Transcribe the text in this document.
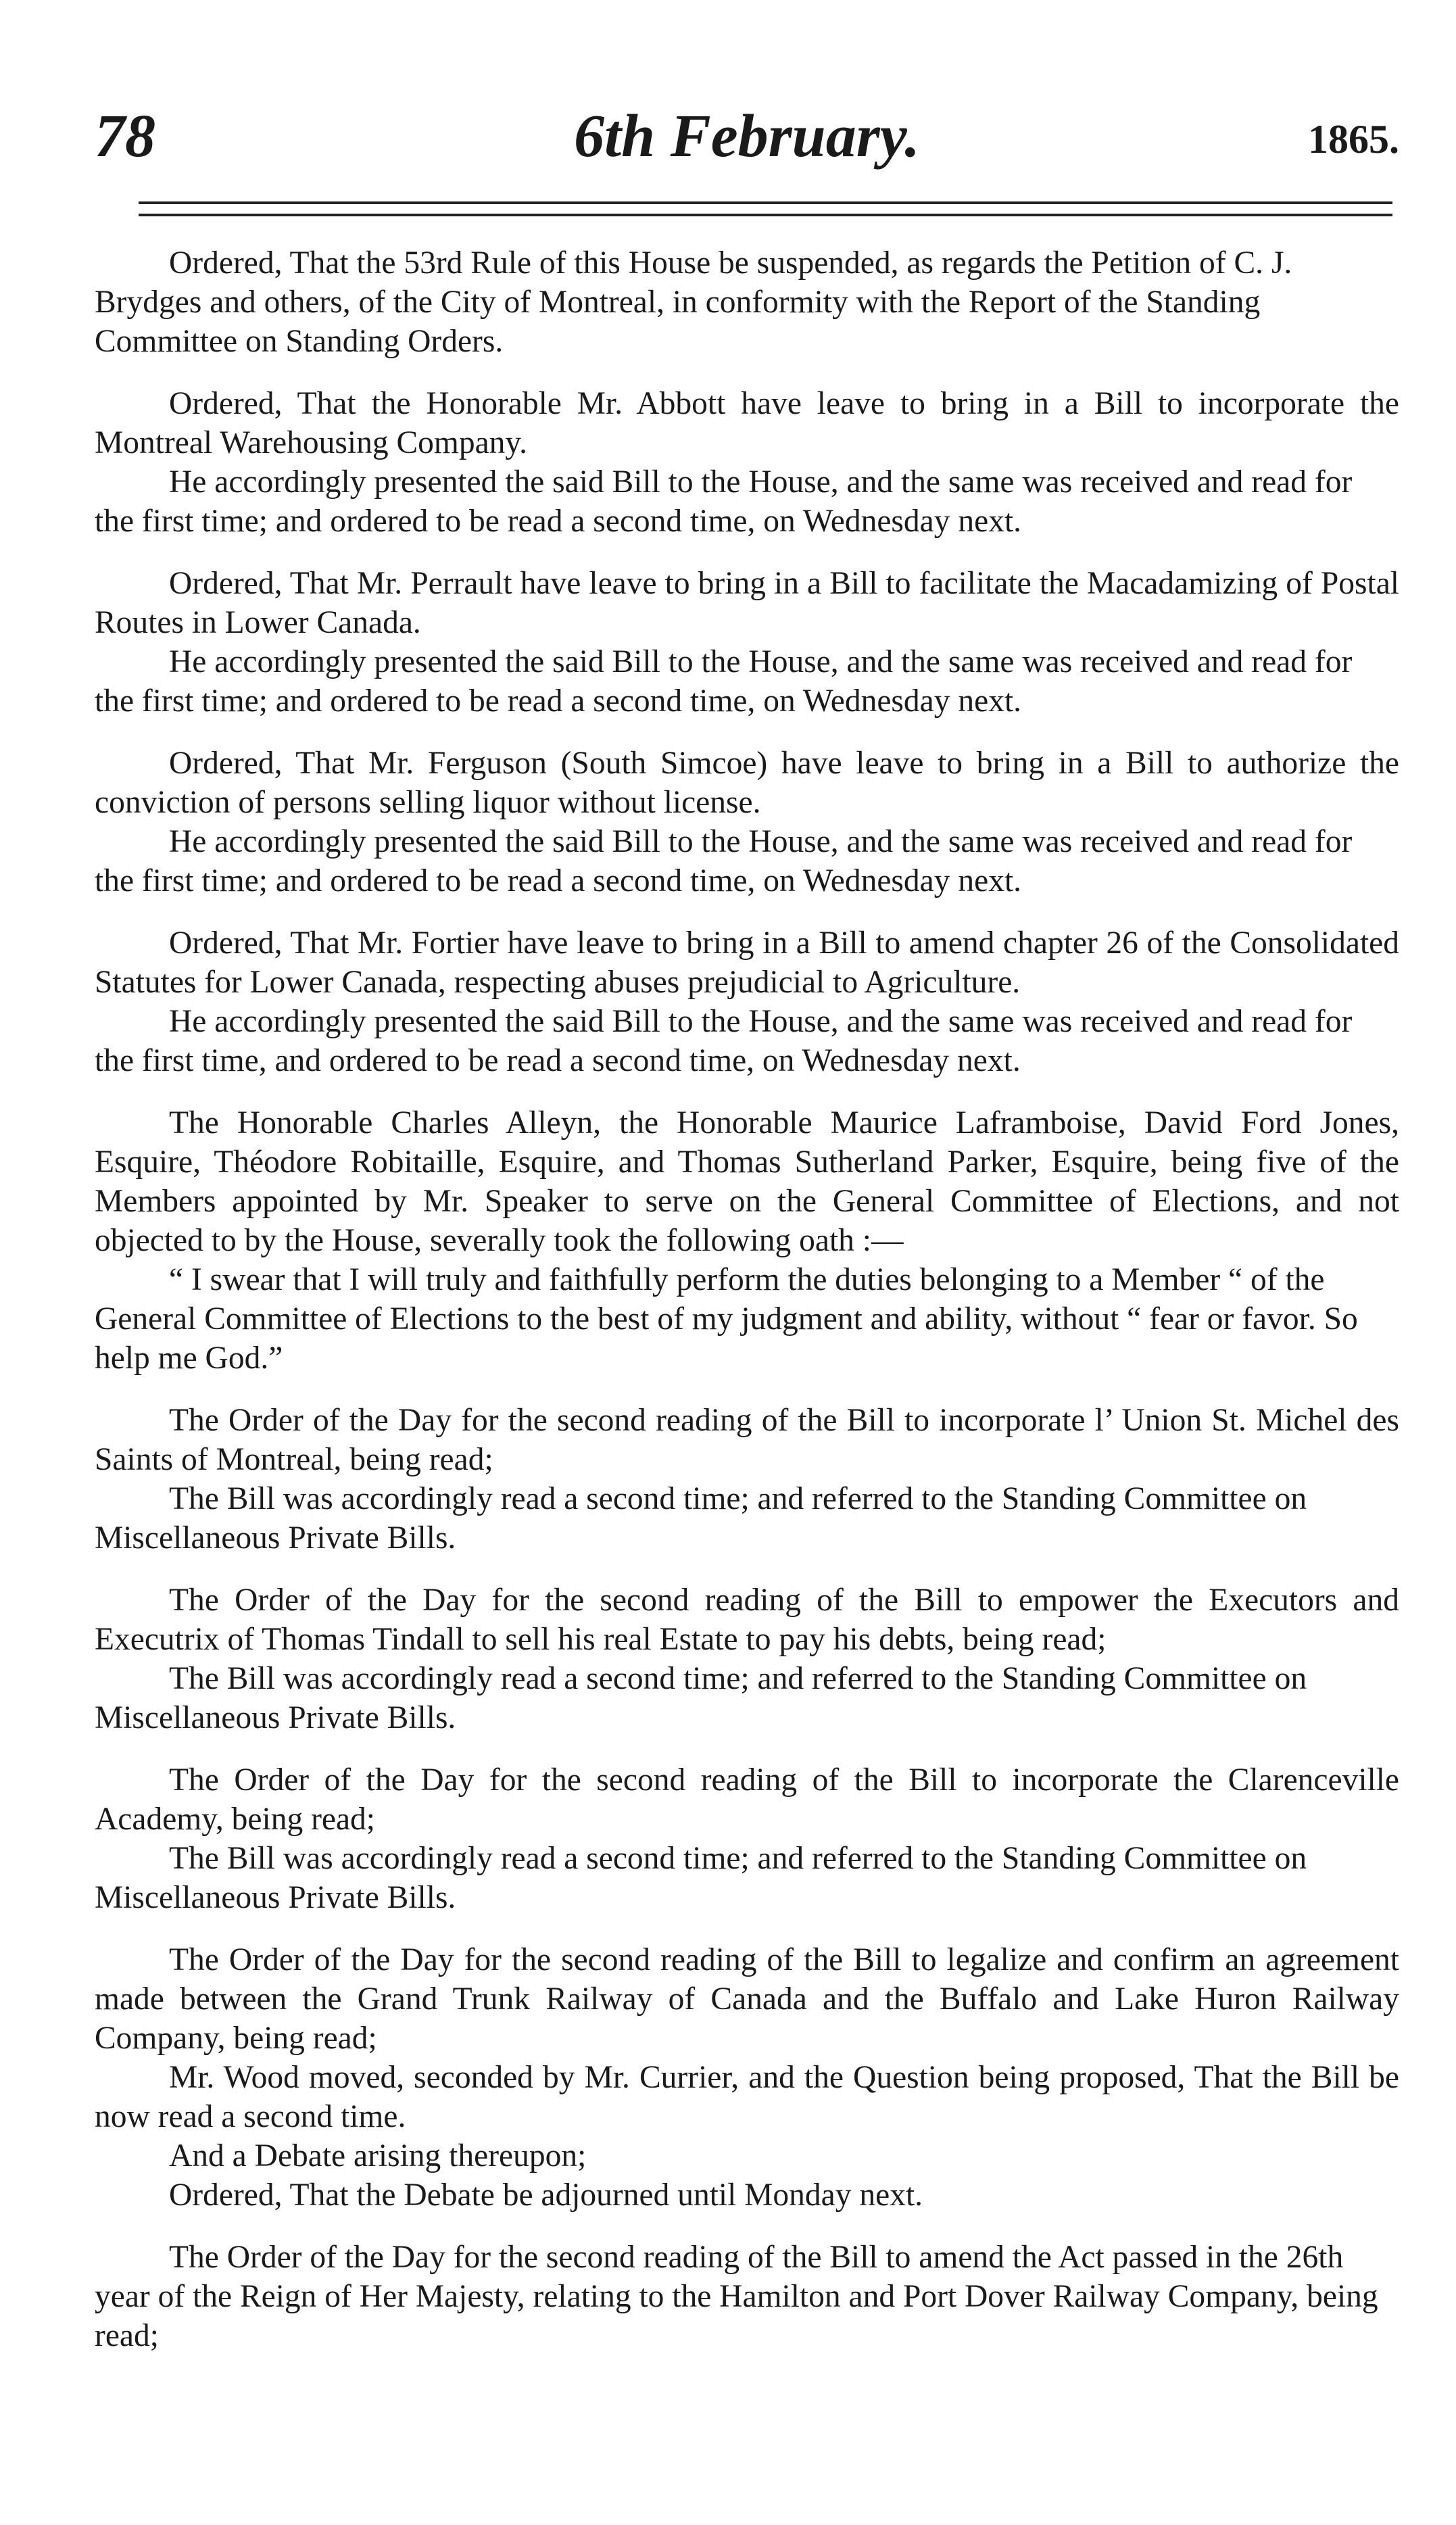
78	6th February.	1865.

Ordered, That the 53rd Rule of this House be suspended, as regards the Petition of C. J. Brydges and others, of the City of Montreal, in conformity with the Report of the Standing Committee on Standing Orders.

Ordered, That the Honorable Mr. Abbott have leave to bring in a Bill to incorporate the Montreal Warehousing Company.

He accordingly presented the said Bill to the House, and the same was received and read for the first time; and ordered to be read a second time, on Wednesday next.

Ordered, That Mr. Perrault have leave to bring in a Bill to facilitate the Macadamizing of Postal Routes in Lower Canada.

He accordingly presented the said Bill to the House, and the same was received and read for the first time; and ordered to be read a second time, on Wednesday next.

Ordered, That Mr. Ferguson (South Simcoe) have leave to bring in a Bill to authorize the conviction of persons selling liquor without license.

He accordingly presented the said Bill to the House, and the same was received and read for the first time; and ordered to be read a second time, on Wednesday next.

Ordered, That Mr. Fortier have leave to bring in a Bill to amend chapter 26 of the Consolidated Statutes for Lower Canada, respecting abuses prejudicial to Agriculture.

He accordingly presented the said Bill to the House, and the same was received and read for the first time, and ordered to be read a second time, on Wednesday next.

The Honorable Charles Alleyn, the Honorable Maurice Laframboise, David Ford Jones, Esquire, Théodore Robitaille, Esquire, and Thomas Sutherland Parker, Esquire, being five of the Members appointed by Mr. Speaker to serve on the General Committee of Elections, and not objected to by the House, severally took the following oath :—

“ I swear that I will truly and faithfully perform the duties belonging to a Member “ of the General Committee of Elections to the best of my judgment and ability, without “ fear or favor. So help me God.”

The Order of the Day for the second reading of the Bill to incorporate l’ Union St. Michel des Saints of Montreal, being read;

The Bill was accordingly read a second time; and referred to the Standing Committee on Miscellaneous Private Bills.

The Order of the Day for the second reading of the Bill to empower the Executors and Executrix of Thomas Tindall to sell his real Estate to pay his debts, being read;

The Bill was accordingly read a second time; and referred to the Standing Committee on Miscellaneous Private Bills.

The Order of the Day for the second reading of the Bill to incorporate the Clarenceville Academy, being read;

The Bill was accordingly read a second time; and referred to the Standing Committee on Miscellaneous Private Bills.

The Order of the Day for the second reading of the Bill to legalize and confirm an agreement made between the Grand Trunk Railway of Canada and the Buffalo and Lake Huron Railway Company, being read;

Mr. Wood moved, seconded by Mr. Currier, and the Question being proposed, That the Bill be now read a second time.

And a Debate arising thereupon;

Ordered, That the Debate be adjourned until Monday next.

The Order of the Day for the second reading of the Bill to amend the Act passed in the 26th year of the Reign of Her Majesty, relating to the Hamilton and Port Dover Railway Company, being read;
